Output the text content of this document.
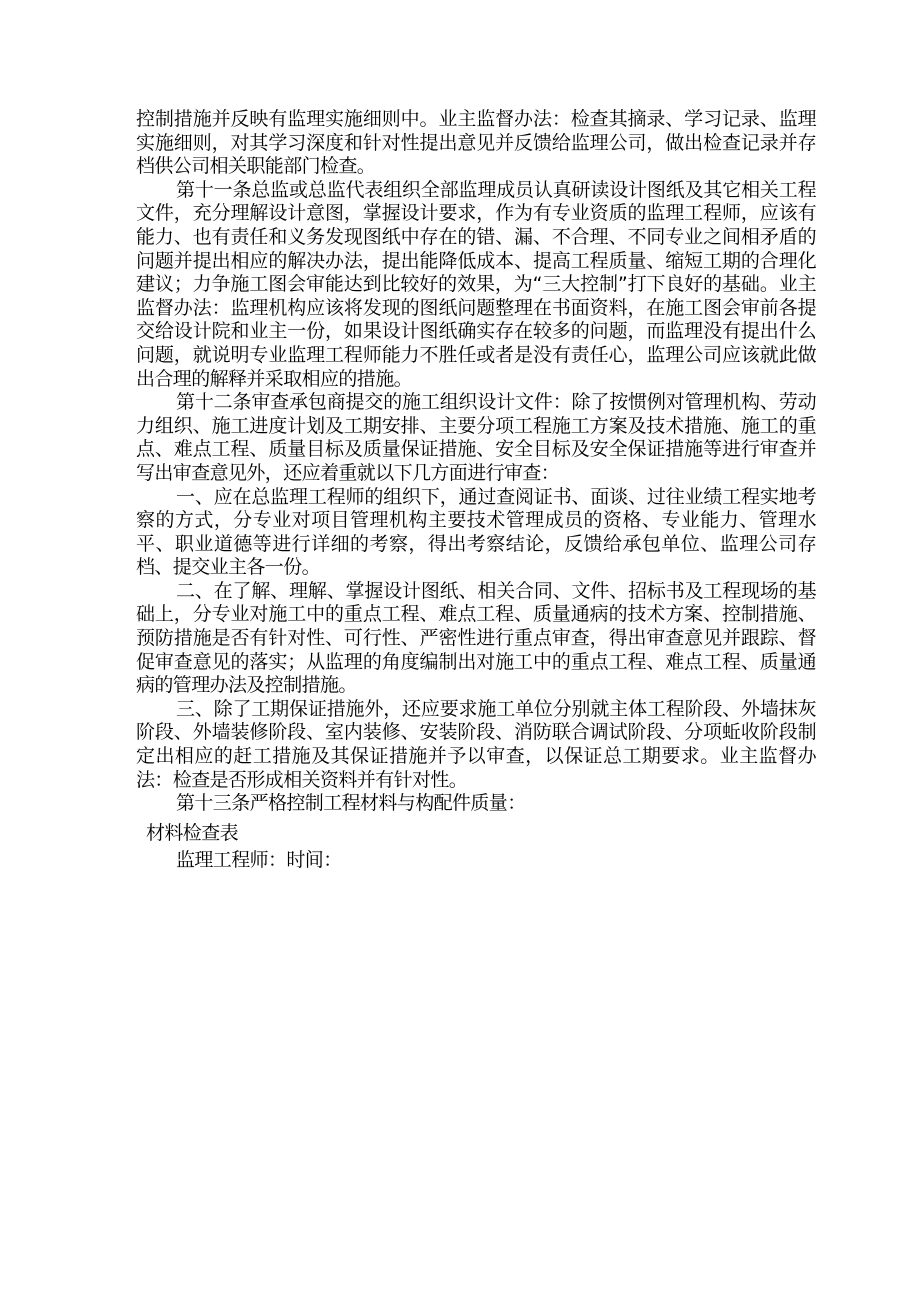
控制措施并反映有监理实施细则中。业主监督办法：检查其摘录、学习记录、监理实施细则，对其学习深度和针对性提出意见并反馈给监理公司，做出检查记录并存档供公司相关职能部门检查。

第十一条总监或总监代表组织全部监理成员认真研读设计图纸及其它相关工程文件，充分理解设计意图，掌握设计要求，作为有专业资质的监理工程师，应该有能力、也有责任和义务发现图纸中存在的错、漏、不合理、不同专业之间相矛盾的问题并提出相应的解决办法，提出能降低成本、提高工程质量、缩短工期的合理化建议；力争施工图会审能达到比较好的效果，为“三大控制”打下良好的基础。业主监督办法：监理机构应该将发现的图纸问题整理在书面资料，在施工图会审前各提交给设计院和业主一份，如果设计图纸确实存在较多的问题，而监理没有提出什么问题，就说明专业监理工程师能力不胜任或者是没有责任心，监理公司应该就此做出合理的解释并采取相应的措施。

第十二条审查承包商提交的施工组织设计文件：除了按惯例对管理机构、劳动力组织、施工进度计划及工期安排、主要分项工程施工方案及技术措施、施工的重点、难点工程、质量目标及质量保证措施、安全目标及安全保证措施等进行审查并写出审查意见外，还应着重就以下几方面进行审查：

一、应在总监理工程师的组织下，通过查阅证书、面谈、过往业绩工程实地考察的方式，分专业对项目管理机构主要技术管理成员的资格、专业能力、管理水平、职业道德等进行详细的考察，得出考察结论，反馈给承包单位、监理公司存档、提交业主各一份。

二、在了解、理解、掌握设计图纸、相关合同、文件、招标书及工程现场的基础上，分专业对施工中的重点工程、难点工程、质量通病的技术方案、控制措施、预防措施是否有针对性、可行性、严密性进行重点审查，得出审查意见并跟踪、督促审查意见的落实；从监理的角度编制出对施工中的重点工程、难点工程、质量通病的管理办法及控制措施。

三、除了工期保证措施外，还应要求施工单位分别就主体工程阶段、外墙抹灰阶段、外墙装修阶段、室内装修、安装阶段、消防联合调试阶段、分项蚯收阶段制定出相应的赶工措施及其保证措施并予以审查，以保证总工期要求。业主监督办法：检查是否形成相关资料并有针对性。

第十三条严格控制工程材料与构配件质量：

材料检查表

监理工程师：时间：
